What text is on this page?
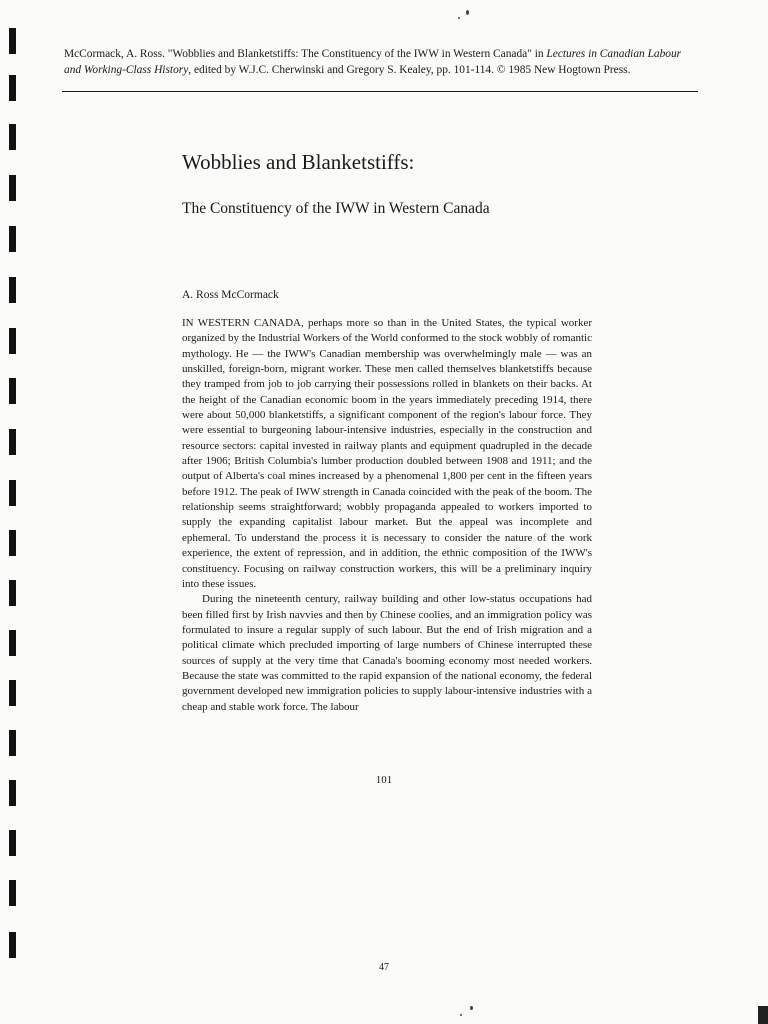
McCormack, A. Ross. "Wobblies and Blanketstiffs: The Constituency of the IWW in Western Canada" in Lectures in Canadian Labour and Working-Class History, edited by W.J.C. Cherwinski and Gregory S. Kealey, pp. 101-114. © 1985 New Hogtown Press.
Wobblies and Blanketstiffs:
The Constituency of the IWW in Western Canada
A. Ross McCormack

IN WESTERN CANADA, perhaps more so than in the United States, the typical worker organized by the Industrial Workers of the World conformed to the stock wobbly of romantic mythology. He — the IWW's Canadian membership was overwhelmingly male — was an unskilled, foreign-born, migrant worker. These men called themselves blanketstiffs because they tramped from job to job carrying their possessions rolled in blankets on their backs. At the height of the Canadian economic boom in the years immediately preceding 1914, there were about 50,000 blanketstiffs, a significant component of the region's labour force. They were essential to burgeoning labour-intensive industries, especially in the construction and resource sectors: capital invested in railway plants and equipment quadrupled in the decade after 1906; British Columbia's lumber production doubled between 1908 and 1911; and the output of Alberta's coal mines increased by a phenomenal 1,800 per cent in the fifteen years before 1912. The peak of IWW strength in Canada coincided with the peak of the boom. The relationship seems straightforward; wobbly propaganda appealed to workers imported to supply the expanding capitalist labour market. But the appeal was incomplete and ephemeral. To understand the process it is necessary to consider the nature of the work experience, the extent of repression, and in addition, the ethnic composition of the IWW's constituency. Focusing on railway construction workers, this will be a preliminary inquiry into these issues.

During the nineteenth century, railway building and other low-status occupations had been filled first by Irish navvies and then by Chinese coolies, and an immigration policy was formulated to insure a regular supply of such labour. But the end of Irish migration and a political climate which precluded importing of large numbers of Chinese interrupted these sources of supply at the very time that Canada's booming economy most needed workers. Because the state was committed to the rapid expansion of the national economy, the federal government developed new immigration policies to supply labour-intensive industries with a cheap and stable work force. The labour

101
47
